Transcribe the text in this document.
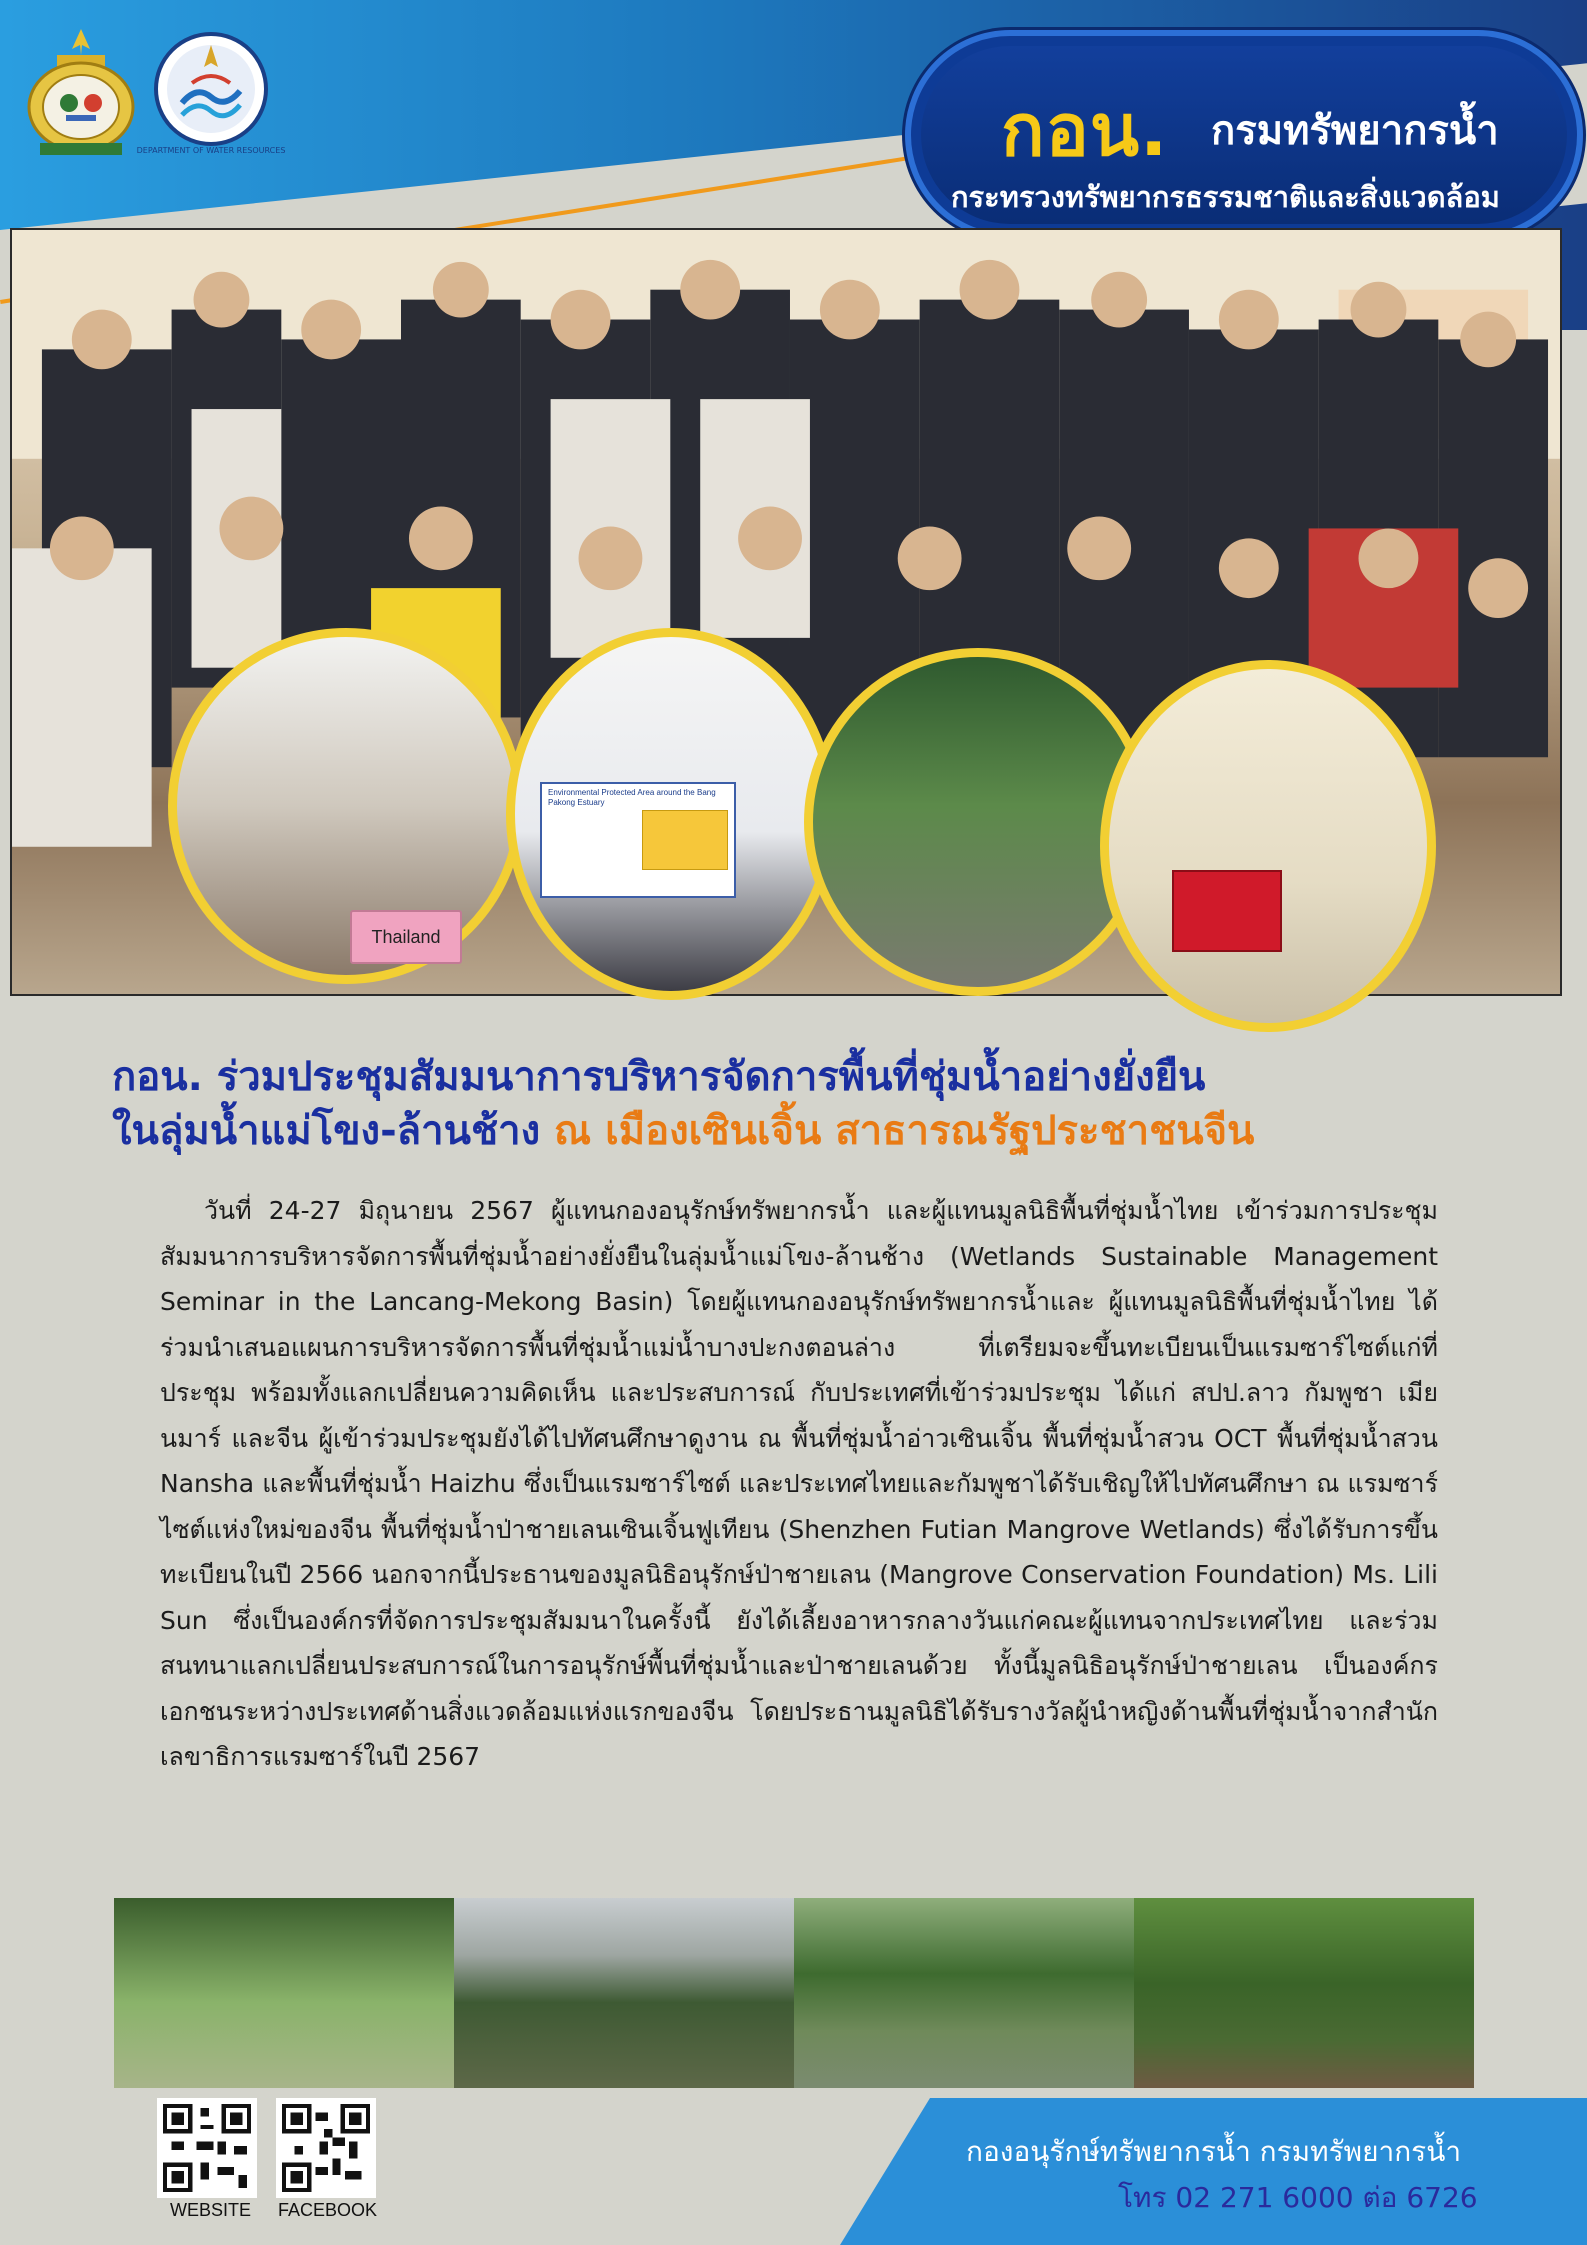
DEPARTMENT OF WATER RESOURCES	กอน. กรมทรัพยากรน้ำ
กระทรวงทรัพยากรธรรมชาติและสิ่งแวดล้อม
Thailand
Environmental Protected Area around the Bang Pakong Estuary
กอน. ร่วมประชุมสัมมนาการบริหารจัดการพื้นที่ชุ่มน้ำอย่างยั่งยืน
ในลุ่มน้ำแม่โขง-ล้านช้าง ณ เมืองเซินเจิ้น สาธารณรัฐประชาชนจีน
วันที่ 24-27 มิถุนายน 2567 ผู้แทนกองอนุรักษ์ทรัพยากรน้ำ และผู้แทนมูลนิธิพื้นที่ชุ่มน้ำไทย เข้าร่วมการประชุมสัมมนาการบริหารจัดการพื้นที่ชุ่มน้ำอย่างยั่งยืนในลุ่มน้ำแม่โขง-ล้านช้าง (Wetlands Sustainable Management Seminar in the Lancang-Mekong Basin) โดยผู้แทนกองอนุรักษ์ทรัพยากรน้ำและ ผู้แทนมูลนิธิพื้นที่ชุ่มน้ำไทย ได้ร่วมนำเสนอแผนการบริหารจัดการพื้นที่ชุ่มน้ำแม่น้ำบางปะกงตอนล่าง ที่เตรียมจะขึ้นทะเบียนเป็นแรมซาร์ไซต์แก่ที่ประชุม พร้อมทั้งแลกเปลี่ยนความคิดเห็น และประสบการณ์ กับประเทศที่เข้าร่วมประชุม ได้แก่ สปป.ลาว กัมพูชา เมียนมาร์ และจีน ผู้เข้าร่วมประชุมยังได้ไปทัศนศึกษาดูงาน ณ พื้นที่ชุ่มน้ำอ่าวเซินเจิ้น พื้นที่ชุ่มน้ำสวน OCT พื้นที่ชุ่มน้ำสวน Nansha และพื้นที่ชุ่มน้ำ Haizhu ซึ่งเป็นแรมซาร์ไซต์ และประเทศไทยและกัมพูชาได้รับเชิญให้ไปทัศนศึกษา ณ แรมซาร์ไซต์แห่งใหม่ของจีน พื้นที่ชุ่มน้ำป่าชายเลนเซินเจิ้นฟูเทียน (Shenzhen Futian Mangrove Wetlands) ซึ่งได้รับการขึ้นทะเบียนในปี 2566 นอกจากนี้ประธานของมูลนิธิอนุรักษ์ป่าชายเลน (Mangrove Conservation Foundation) Ms. Lili Sun ซึ่งเป็นองค์กรที่จัดการประชุมสัมมนาในครั้งนี้ ยังได้เลี้ยงอาหารกลางวันแก่คณะผู้แทนจากประเทศไทย และร่วมสนทนาแลกเปลี่ยนประสบการณ์ในการอนุรักษ์พื้นที่ชุ่มน้ำและป่าชายเลนด้วย ทั้งนี้มูลนิธิอนุรักษ์ป่าชายเลน เป็นองค์กรเอกชนระหว่างประเทศด้านสิ่งแวดล้อมแห่งแรกของจีน โดยประธานมูลนิธิได้รับรางวัลผู้นำหญิงด้านพื้นที่ชุ่มน้ำจากสำนักเลขาธิการแรมซาร์ในปี 2567
WEBSITE FACEBOOK
กองอนุรักษ์ทรัพยากรน้ำ กรมทรัพยากรน้ำ
โทร 02 271 6000 ต่อ 6726
